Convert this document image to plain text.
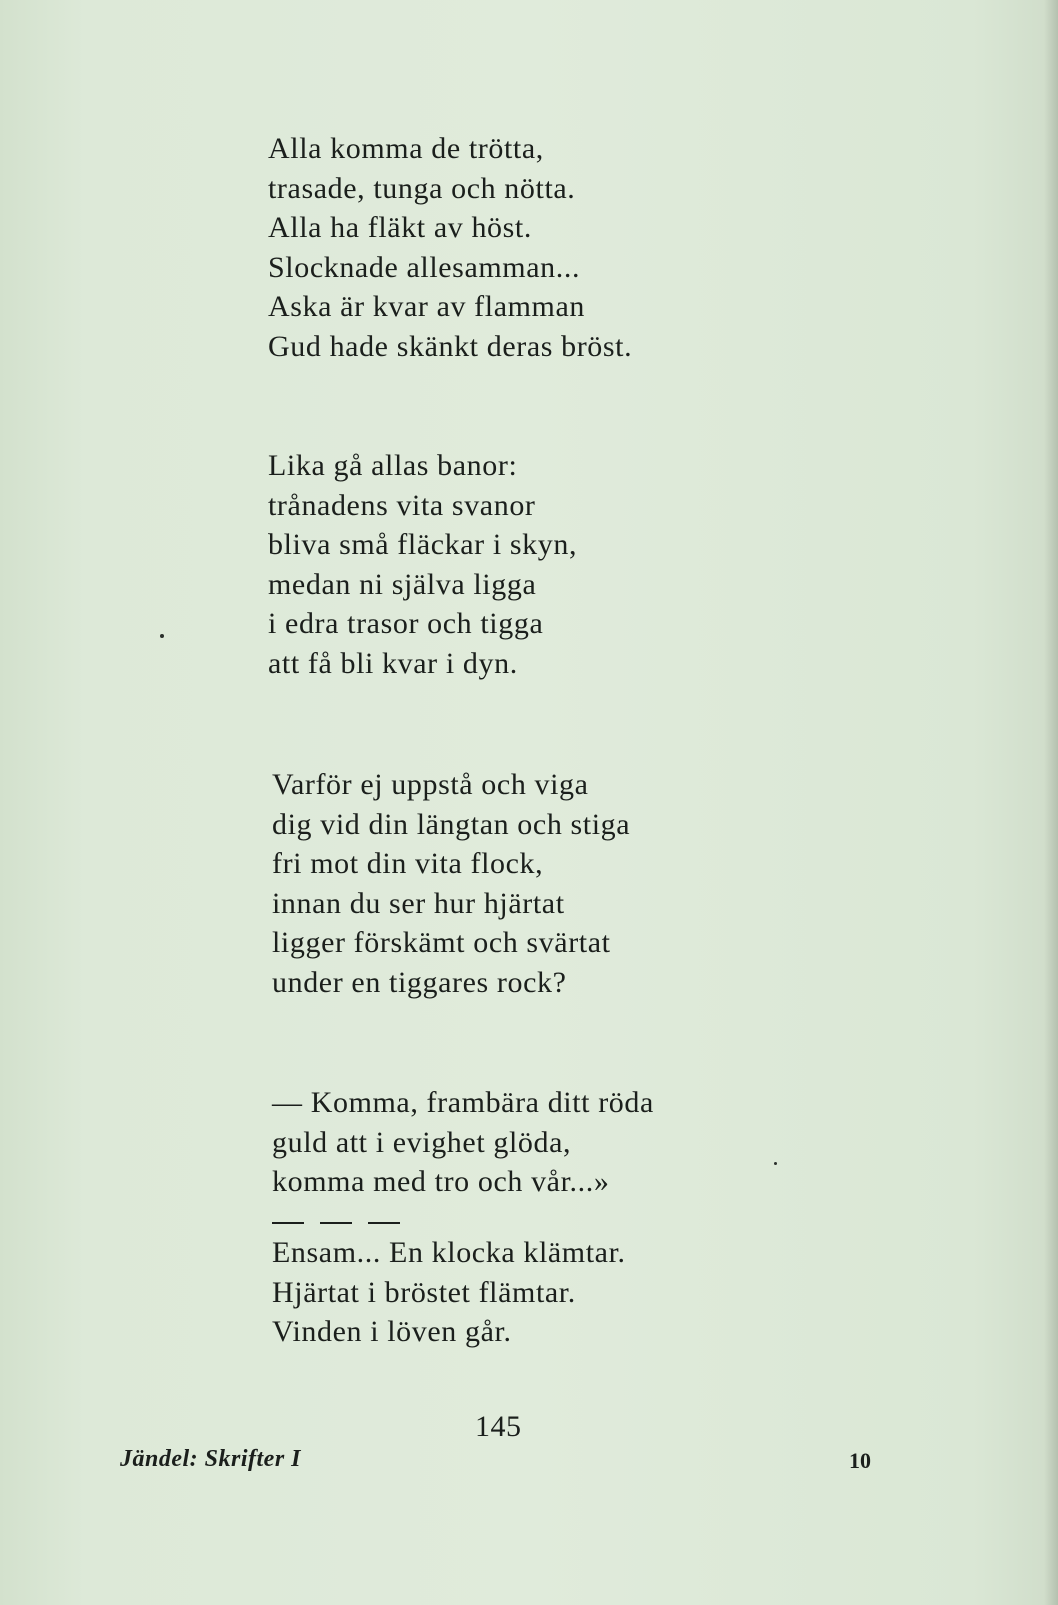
Alla komma de trötta,
trasade, tunga och nötta.
Alla ha fläkt av höst.
Slocknade allesamman...
Aska är kvar av flamman
Gud hade skänkt deras bröst.
Lika gå allas banor:
trånadens vita svanor
bliva små fläckar i skyn,
medan ni själva ligga
i edra trasor och tigga
att få bli kvar i dyn.
Varför ej uppstå och viga
dig vid din längtan och stiga
fri mot din vita flock,
innan du ser hur hjärtat
ligger förskämt och svärtat
under en tiggares rock?
— Komma, frambära ditt röda
guld att i evighet glöda,
komma med tro och vår...»
Ensam... En klocka klämtar.
Hjärtat i bröstet flämtar.
Vinden i löven går.
145
Jändel: Skrifter I	10
